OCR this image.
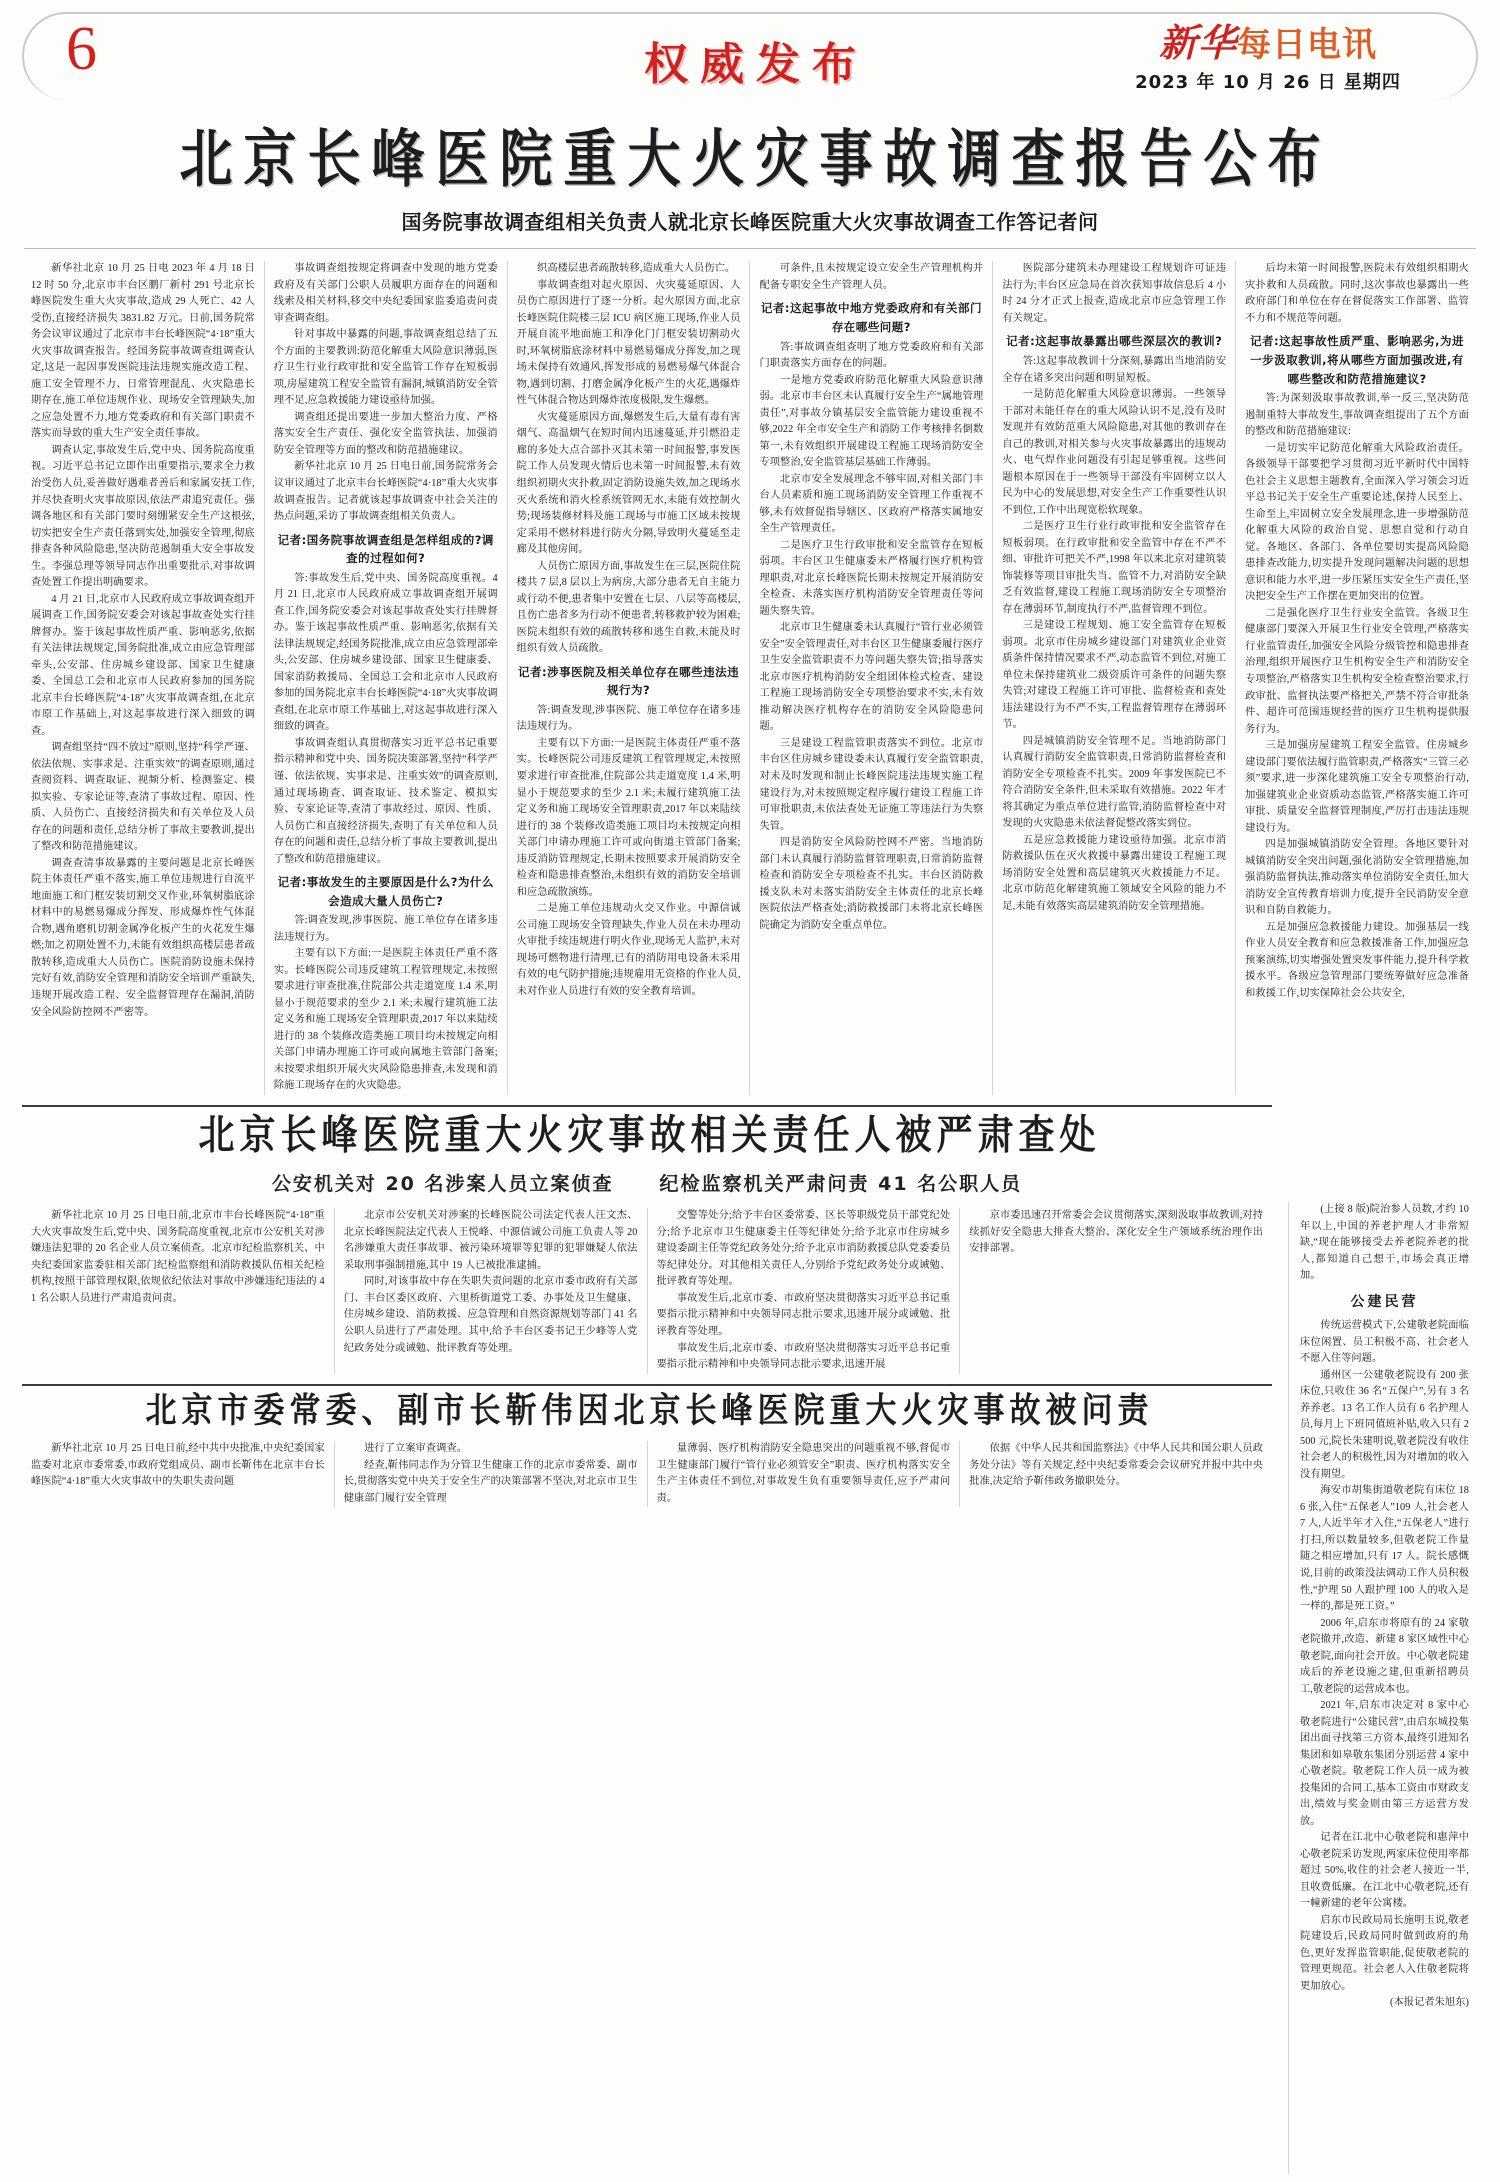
6	权威发布	新华每日电讯
2023 年 10 月 26 日 星期四
北京长峰医院重大火灾事故调查报告公布
国务院事故调查组相关负责人就北京长峰医院重大火灾事故调查工作答记者问

新华社北京 10 月 25 日电 2023 年 4 月 18 日 12 时 50 分,北京市丰台区鹏厂新村 291 号北京长峰医院发生重大火灾事故,造成 29 人死亡、42 人受伤,直接经济损失 3831.82 万元。日前,国务院常务会议审议通过了北京市丰台长峰医院“4·18”重大火灾事故调查报告。经国务院事故调查组调查认定,这是一起因事发医院违法违规实施改造工程、施工安全管理不力、日常管理混乱、火灾隐患长期存在,施工单位违规作业、现场安全管理缺失,加之应急处置不力,地方党委政府和有关部门职责不落实而导致的重大生产安全责任事故。

调查认定,事故发生后,党中央、国务院高度重视。习近平总书记立即作出重要指示,要求全力救治受伤人员,妥善做好遇难者善后和家属安抚工作,并尽快查明火灾事故原因,依法严肃追究责任。强调各地区和有关部门要时刻绷紧安全生产这根弦,切实把安全生产责任落到实处,加强安全管理,彻底排查各种风险隐患,坚决防范遏制重大安全事故发生。李强总理等领导同志作出重要批示,对事故调查处置工作提出明确要求。

4 月 21 日,北京市人民政府成立事故调查组开展调查工作,国务院安委会对该起事故查处实行挂牌督办。鉴于该起事故性质严重、影响恶劣,依据有关法律法规规定,国务院批准,成立由应急管理部牵头,公安部、住房城乡建设部、国家卫生健康委、全国总工会和北京市人民政府参加的国务院北京丰台长峰医院“4·18”火灾事故调查组,在北京市原工作基础上,对这起事故进行深入细致的调查。

调查组坚持“四不放过”原则,坚持“科学严谨、依法依规、实事求是、注重实效”的调查原则,通过查阅资料、调查取证、视频分析、检测鉴定、模拟实验、专家论证等,查清了事故过程、原因、性质、人员伤亡、直接经济损失和有关单位及人员存在的问题和责任,总结分析了事故主要教训,提出了整改和防范措施建议。

调查查清事故暴露的主要问题是北京长峰医院主体责任严重不落实,施工单位违规进行自流平地面施工和门框安装切割交又作业,环氧树脂底涂材料中的易燃易爆成分挥发、形成爆炸性气体混合物,遇角磨机切割金属净化板产生的火花发生爆燃;加之初期处置不力,未能有效组织高楼层患者疏散转移,造成重大人员伤亡。医院消防设施未保持完好有效,消防安全管理和消防安全培训严重缺失,违规开展改造工程、安全监督管理存在漏洞,消防安全风险防控网不严密等。

事故调查组按规定将调查中发现的地方党委政府及有关部门公职人员履职方面存在的问题和线索及相关材料,移交中央纪委国家监委追责问责审查调查组。

针对事故中暴露的问题,事故调查组总结了五个方面的主要教训:防范化解重大风险意识薄弱,医疗卫生行业行政审批和安全监管工作存在短板弱项,房屋建筑工程安全监管有漏洞,城镇消防安全管理不足,应急救援能力建设亟待加强。

调查组还提出要进一步加大整治力度、严格落实安全生产责任、强化安全监管执法、加强消防安全管理等方面的整改和防范措施建议。

新华社北京 10 月 25 日电日前,国务院常务会议审议通过了北京丰台长峰医院“4·18”重大火灾事故调查报告。记者就该起事故调查中社会关注的热点问题,采访了事故调查组相关负责人。

记者:国务院事故调查组是怎样组成的?调查的过程如何?

答:事故发生后,党中央、国务院高度重视。4 月 21 日,北京市人民政府成立事故调查组开展调查工作,国务院安委会对该起事故查处实行挂牌督办。鉴于该起事故性质严重、影响恶劣,依据有关法律法规规定,经国务院批准,成立由应急管理部牵头,公安部、住房城乡建设部、国家卫生健康委、国家消防救援局、全国总工会和北京市人民政府参加的国务院北京丰台长峰医院“4·18”火灾事故调查组,在北京市原工作基础上,对这起事故进行深入细致的调查。

事故调查组认真贯彻落实习近平总书记重要指示精神和党中央、国务院决策部署,坚持“科学严谨、依法依规、实事求是、注重实效”的调查原则,通过现场勘查、调查取证、技术鉴定、模拟实验、专家论证等,查清了事故经过、原因、性质、人员伤亡和直接经济损失,查明了有关单位和人员存在的问题和责任,总结分析了事故主要教训,提出了整改和防范措施建议。

记者:事故发生的主要原因是什么?为什么会造成大量人员伤亡?

答:调查发现,涉事医院、施工单位存在诸多违法违规行为。

主要有以下方面:一是医院主体责任严重不落实。长峰医院公司违反建筑工程管理规定,未按照要求进行审查批准,住院部公共走道宽度 1.4 米,明显小于规范要求的至少 2.1 米;未履行建筑施工法定义务和施工现场安全管理职责,2017 年以来陆续进行的 38 个装修改造类施工项目均未按规定向相关部门申请办理施工许可或向属地主管部门备案;未按要求组织开展火灾风险隐患排查,未发现和消除施工现场存在的火灾隐患。

织高楼层患者疏散转移,造成重大人员伤亡。

事故调查组对起火原因、火灾蔓延原因、人员伤亡原因进行了逐一分析。起火原因方面,北京长峰医院住院楼三层 ICU 病区施工现场,作业人员开展自流平地面施工和净化门门框安装切割动火时,环氧树脂底涂材料中易燃易爆成分挥发,加之现场未保持有效通风,挥发形成的易燃易爆气体混合物,遇到切割、打磨金属净化板产生的火花,遇爆炸性气体混合物达到爆炸浓度极限,发生爆燃。

火灾蔓延原因方面,爆燃发生后,大量有毒有害烟气、高温烟气在短时间内迅速蔓延,并引燃沿走廊的多处大点合部扑灭其未第一时间报警,事发医院工作人员发现火情后也未第一时间报警,未有效组织初期火灾扑救,固定消防设施失效,加之现场水灭火系统和消火栓系统管网无水,未能有效控制火势;现场装修材料及施工现场与市施工区域未按规定采用不燃材料进行防火分隔,导致明火蔓延至走廊及其他房间。

人员伤亡原因方面,事故发生在三层,医院住院楼共 7 层,8 层以上为病房,大部分患者无自主能力或行动不便,患者集中安置在七层、八层等高楼层,且伤亡患者多为行动不便患者,转移救护较为困难;医院未组织有效的疏散转移和逃生自救,未能及时组织有效人员疏散。

记者:涉事医院及相关单位存在哪些违法违规行为?

答:调查发现,涉事医院、施工单位存在诸多违法违规行为。

主要有以下方面:一是医院主体责任严重不落实。长峰医院公司违反建筑工程管理规定,未按照要求进行审查批准,住院部公共走道宽度 1.4 米,明显小于规范要求的至少 2.1 米;未履行建筑施工法定义务和施工现场安全管理职责,2017 年以来陆续进行的 38 个装修改造类施工项目均未按规定向相关部门申请办理施工许可或向街道主管部门备案;违反消防管理规定,长期未按照要求开展消防安全检查和隐患排查整治,未组织有效的消防安全培训和应急疏散演练。

二是施工单位违规动火交又作业。中源信诚公司施工现场安全管理缺失,作业人员在未办理动火审批手续违规进行明火作业,现场无人监护,未对现场可燃物进行清理,已有的消防用电设备未采用有效的电气防护措施;违规雇用无资格的作业人员,未对作业人员进行有效的安全教育培训。

可条件,且未按规定设立安全生产管理机构并配备专职安全生产管理人员。

记者:这起事故中地方党委政府和有关部门存在哪些问题?

答:事故调查组查明了地方党委政府和有关部门职责落实方面存在的问题。

一是地方党委政府防范化解重大风险意识薄弱。北京市丰台区未认真履行安全生产“属地管理责任”,对事故分镇基层安全监管能力建设重视不够,2022 年全市安全生产和消防工作考核排名倒数第一,未有效组织开展建设工程施工现场消防安全专项整治,安全监管基层基础工作薄弱。

北京市安全发展理念不够牢固,对相关部门丰台人员素质和施工现场消防安全管理工作重视不够,未有效督促指导辖区、区政府严格落实属地安全生产管理责任。

二是医疗卫生行政审批和安全监管存在短板弱项。丰台区卫生健康委未严格履行医疗机构管理职责,对北京长峰医院长期未按规定开展消防安全检查、未落实医疗机构消防安全管理责任等问题失察失管。

北京市卫生健康委未认真履行“管行业必须管安全”安全管理责任,对丰台区卫生健康委履行医疗卫生安全监管职责不力等问题失察失管;指导落实北京市医疗机构消防安全组团体检式检查、建设工程施工现场消防安全专项整治要求不实,未有效推动解决医疗机构存在的消防安全风险隐患问题。

三是建设工程监管职责落实不到位。北京市丰台区住房城乡建设委未认真履行安全监管职责,对未及时发现和制止长峰医院违法违规实施工程建设行为,对未按照规定程序履行建设工程施工许可审批职责,未依法查处无证施工等违法行为失察失管。

四是消防安全风险防控网不严密。当地消防部门未认真履行消防监督管理职责,日常消防监督检查和消防安全专项检查不扎实。丰台区消防救援支队未对未落实消防安全主体责任的北京长峰医院依法严格查处;消防救援部门未将北京长峰医院确定为消防安全重点单位。

医院部分建筑未办理建设工程规划许可证违法行为;丰台区应急局在首次获知事故信息后 4 小时 24 分才正式上报查,造成北京市应急管理工作有关规定。

记者:这起事故暴露出哪些深层次的教训?

答:这起事故教训十分深刻,暴露出当地消防安全存在诸多突出问题和明显短板。

一是防范化解重大风险意识薄弱。一些领导干部对未能任存在的重大风险认识不足,没有及时发现并有效防范重大风险隐患,对其他的教训存在自己的教训,对相关参与火灾事故暴露出的违规动火、电气焊作业问题没有引起足够重视。这些问题根本原因在于一些领导干部没有牢固树立以人民为中心的发展思想,对安全生产工作重要性认识不到位,工作中出现宽松软现象。

二是医疗卫生行业行政审批和安全监管存在短板弱项。在行政审批和安全监管中存在不严不细、审批许可把关不严,1998 年以来北京对建筑装饰装修等项目审批失当、监管不力,对消防安全缺乏有效监督,建设工程施工现场消防安全专项整治存在薄弱环节,制度执行不严,监督管理不到位。

三是建设工程规划、施工安全监管存在短板弱项。北京市住房城乡建设部门对建筑业企业资质条件保持情况要求不严,动态监管不到位,对施工单位未保持建筑业二级资质许可条件的问题失察失管;对建设工程施工许可审批、监督检查和查处违法建设行为不严不实,工程监督管理存在薄弱环节。

四是城镇消防安全管理不足。当地消防部门认真履行消防安全监管职责,日常消防监督检查和消防安全专项检查不扎实。2009 年事发医院已不符合消防安全条件,但未采取有效措施。2022 年才将其确定为重点单位进行监管,消防监督检查中对发现的火灾隐患未依法督促整改落实到位。

五是应急救援能力建设亟待加强。北京市消防救援队伍在灭火救援中暴露出建设工程施工现场消防安全处置和高层建筑灭火救援能力不足。北京市防范化解建筑施工领域安全风险的能力不足,未能有效落实高层建筑消防安全管理措施。

后均未第一时间报警,医院未有效组织相期火灾扑救和人员疏散。同时,这次事故也暴露出一些政府部门和单位在存在督促落实工作部署、监管不力和不规范等问题。

记者:这起事故性质严重、影响恶劣,为进一步汲取教训,将从哪些方面加强改进,有哪些整改和防范措施建议?

答:为深刻汲取事故教训,举一反三,坚决防范遏制重特大事故发生,事故调查组提出了五个方面的整改和防范措施建议:

一是切实牢记防范化解重大风险政治责任。各级领导干部要把学习贯彻习近平新时代中国特色社会主义思想主题教育,全面深入学习领会习近平总书记关于安全生产重要论述,保持人民至上、生命至上,牢固树立安全发展理念,进一步增强防范化解重大风险的政治自觉、思想自觉和行动自觉。各地区、各部门、各单位要切实提高风险隐患排查改能力,切实提升发现问题解决问题的思想意识和能力水平,进一步压紧压实安全生产责任,坚决把安全生产工作摆在更加突出的位置。

二是强化医疗卫生行业安全监管。各级卫生健康部门要深入开展卫生行业安全管理,严格落实行业监管责任,加强安全风险分级管控和隐患排查治理,组织开展医疗卫生机构安全生产和消防安全专项整治,严格落实卫生机构安全检查整治要求,行政审批、监督执法要严格把关,严禁不符合审批条件、超许可范围违规经营的医疗卫生机构提供服务行为。

三是加强房屋建筑工程安全监管。住房城乡建设部门要依法履行监管职责,严格落实“三管三必须”要求,进一步深化建筑施工安全专项整治行动,加强建筑业企业资质动态监管,严格落实施工许可审批、质量安全监督管理制度,严厉打击违法违规建设行为。

四是加强城镇消防安全管理。各地区要针对城镇消防安全突出问题,强化消防安全管理措施,加强消防监督执法,推动落实单位消防安全责任,加大消防安全宣传教育培训力度,提升全民消防安全意识和自防自救能力。

五是加强应急救援能力建设。加强基层一线作业人员安全教育和应急救援准备工作,加强应急预案演练,切实增强处置突发事件能力,提升科学救援水平。各级应急管理部门要统筹做好应急准备和救援工作,切实保障社会公共安全,

北京长峰医院重大火灾事故相关责任人被严肃查处
公安机关对 20 名涉案人员立案侦查 纪检监察机关严肃问责 41 名公职人员

新华社北京 10 月 25 日电日前,北京市丰台长峰医院“4·18”重大火灾事故发生后,党中央、国务院高度重视,北京市公安机关对涉嫌违法犯罪的 20 名企业人员立案侦查。北京市纪检监察机关、中央纪委国家监委驻相关部门纪检监察组和消防救援队伍相关纪检机构,按照干部管理权限,依规依纪依法对事故中涉嫌违纪违法的 41 名公职人员进行严肃追责问责。

北京市公安机关对涉案的长峰医院公司法定代表人汪文杰、北京长峰医院法定代表人王悦峰、中源信诚公司施工负责人等 20 名涉嫌重大责任事故罪、被污染环境罪等犯罪的犯罪嫌疑人依法采取刑事强制措施,其中 19 人已被批准逮捕。

同时,对该事故中存在失职失责问题的北京市委市政府有关部门、丰台区委区政府、六里桥街道党工委、办事处及卫生健康、住房城乡建设、消防救援、应急管理和自然资源规划等部门 41 名公职人员进行了严肃处理。其中,给予丰台区委书记王少峰等人党纪政务处分或诫勉、批评教育等处理。

交警等处分;给予丰台区委常委、区长等职级党员干部党纪处分;给予北京市卫生健康委主任等纪律处分;给予北京市住房城乡建设委副主任等党纪政务处分;给予北京市消防救援总队党委委员等纪律处分。对其他相关责任人,分别给予党纪政务处分或诫勉、批评教育等处理。

事故发生后,北京市委、市政府坚决贯彻落实习近平总书记重要指示批示精神和中央领导同志批示要求,迅速开展分或诫勉、批评教育等处理。

事故发生后,北京市委、市政府坚决贯彻落实习近平总书记重要指示批示精神和中央领导同志批示要求,迅速开展

京市委迅速召开常委会会议贯彻落实,深刻汲取事故教训,对持续抓好安全隐患大排查大整治、深化安全生产领域系统治理作出安排部署。

北京市委常委、副市长靳伟因北京长峰医院重大火灾事故被问责

新华社北京 10 月 25 日电日前,经中共中央批准,中央纪委国家监委对北京市委常委,市政府党组成员、副市长靳伟在北京丰台长峰医院“4·18”重大火灾事故中的失职失责问题

进行了立案审查调查。

经查,靳伟同志作为分管卫生健康工作的北京市委常委、副市长,贯彻落实党中央关于安全生产的决策部署不坚决,对北京市卫生健康部门履行安全管理

量薄弱、医疗机构消防安全隐患突出的问题重视不够,督促市卫生健康部门履行“管行业必须管安全”职责、医疗机构落实安全生产主体责任不到位,对事故发生负有重要领导责任,应予严肃问责。

依据《中华人民共和国监察法》《中华人民共和国公职人员政务处分法》等有关规定,经中央纪委常委会会议研究并报中共中央批准,决定给予靳伟政务撤职处分。

(上接 8 版)院治参人员数,才约 10 年以上,中国的养老护理人才非常短缺,“现在能够接受去养老院养老的批人,都知道自己想干,市场会真正增加。

公建民营

传统运营模式下,公建敬老院面临床位闲置、员工积极不高、社会老人不愿入住等问题。

通州区一公建敬老院设有 200 张床位,只收住 36 名“五保户”,另有 3 名养养老。13 名工作人员有 6 名护理人员,每月上下班同值班补贴,收入只有 2500 元,院长朱建明说,敬老院没有收住社会老人的积极性,因为对增加的收入没有期望。

海安市胡集街道敬老院有床位 186 张,入住“五保老人”109 人,社会老人 7 人,人近半年才入住,“五保老人”进行打扫,所以数量较多,但敬老院工作量随之相应增加,只有 17 人。院长感慨说,目前的政策没法调动工作人员积极性,“护理 50 人跟护理 100 人的收入是一样的,都是死工资。”

2006 年,启东市将原有的 24 家敬老院撤并,改造、新建 8 家区域性中心敬老院,面向社会开放。中心敬老院建成后的养老设施之建,但重新招聘员工,敬老院的运营成本也。

2021 年,启东市决定对 8 家中心敬老院进行“公建民营”,由启东城投集团出面寻找第三方资本,最终引进知名集团和如皋敬东集团分别运营 4 家中心敬老院。敬老院工作人员一成为被投集团的合同工,基本工资由市财政支出,绩效与奖金则由第三方运营方发放。

记者在江北中心敬老院和惠萍中心敬老院采访发现,两家床位使用率都超过 50%,收住的社会老人接近一半,且收费低廉。在江北中心敬老院,还有一幢新建的老年公寓楼。

启东市民政局局长施明玉说,敬老院建设后,民政局同时做到政府的角色,更好发挥监管职能,促使敬老院的管理更规范。社会老人入住敬老院将更加放心。

(本报记者朱旭东)
